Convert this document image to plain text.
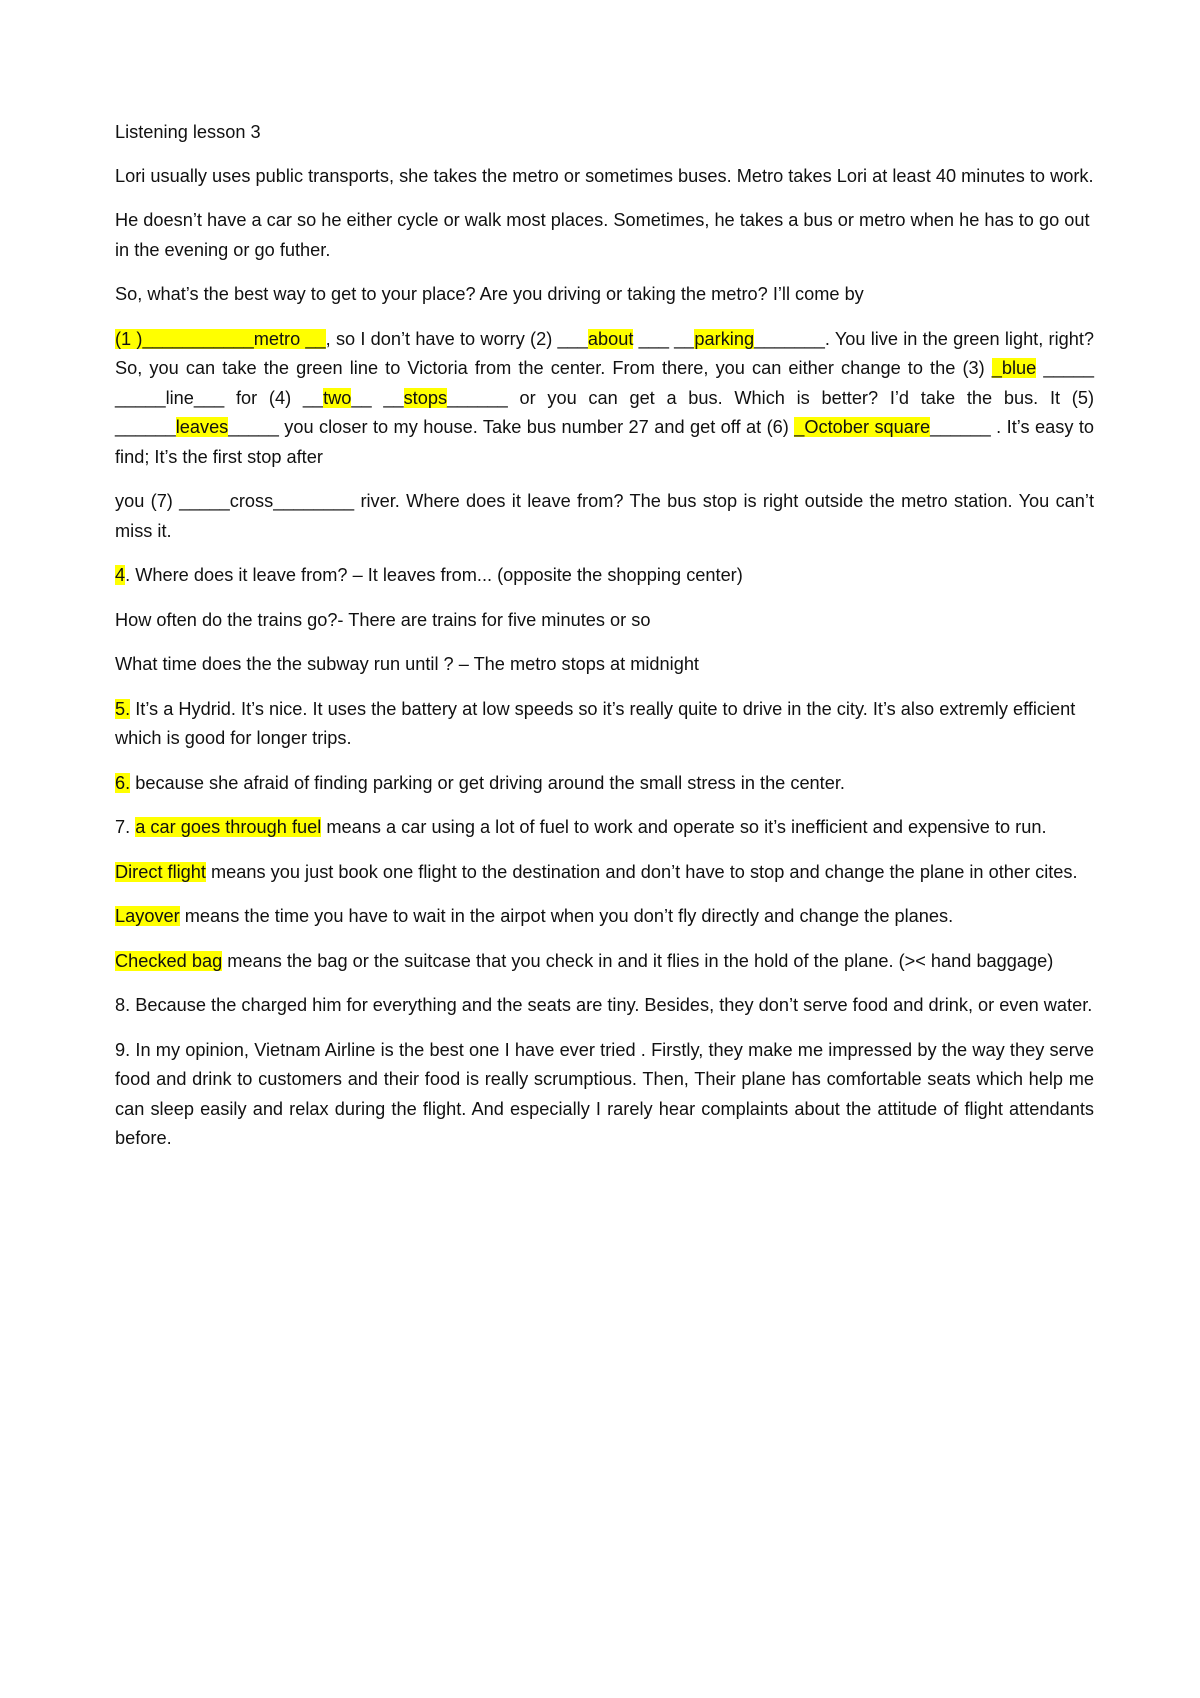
Listening lesson 3

Lori usually uses public transports, she takes the metro or sometimes buses. Metro takes Lori at least 40 minutes to work.

He doesn’t have a car so he either cycle or walk most places. Sometimes, he takes a bus or metro when he has to go out in the evening or go futher.

So, what’s the best way to get to your place? Are you driving or taking the metro? I’ll come by

(1 )___________metro __, so I don’t have to worry (2) ___about ___ __parking_______. You live in the green light, right? So, you can take the green line to Victoria from the center. From there, you can either change to the (3) _blue _____ _____line___ for (4) __two__ __stops______ or you can get a bus. Which is better? I’d take the bus. It (5) ______leaves_____ you closer to my house. Take bus number 27 and get off at (6) _October square______ . It’s easy to find; It’s the first stop after

you (7) _____cross________ river. Where does it leave from? The bus stop is right outside the metro station. You can’t miss it.

4. Where does it leave from? – It leaves from... (opposite the shopping center)

How often do the trains go?- There are trains for five minutes or so

What time does the the subway run until ? – The metro stops at midnight

5. It’s a Hydrid. It’s nice. It uses the battery at low speeds so it’s really quite to drive in the city. It’s also extremly efficient which is good for longer trips.

6. because she afraid of finding parking or get driving around the small stress in the center.

7. a car goes through fuel means a car using a lot of fuel to work and operate so it’s inefficient and expensive to run.

Direct flight means you just book one flight to the destination and don’t have to stop and change the plane in other cites.

Layover means the time you have to wait in the airpot when you don’t fly directly and change the planes.

Checked bag means the bag or the suitcase that you check in and it flies in the hold of the plane. (>< hand baggage)

8. Because the charged him for everything and the seats are tiny. Besides, they don’t serve food and drink, or even water.

9. In my opinion, Vietnam Airline is the best one I have ever tried . Firstly, they make me impressed by the way they serve food and drink to customers and their food is really scrumptious. Then, Their plane has comfortable seats which help me can sleep easily and relax during the flight. And especially I rarely hear complaints about the attitude of flight attendants before.
